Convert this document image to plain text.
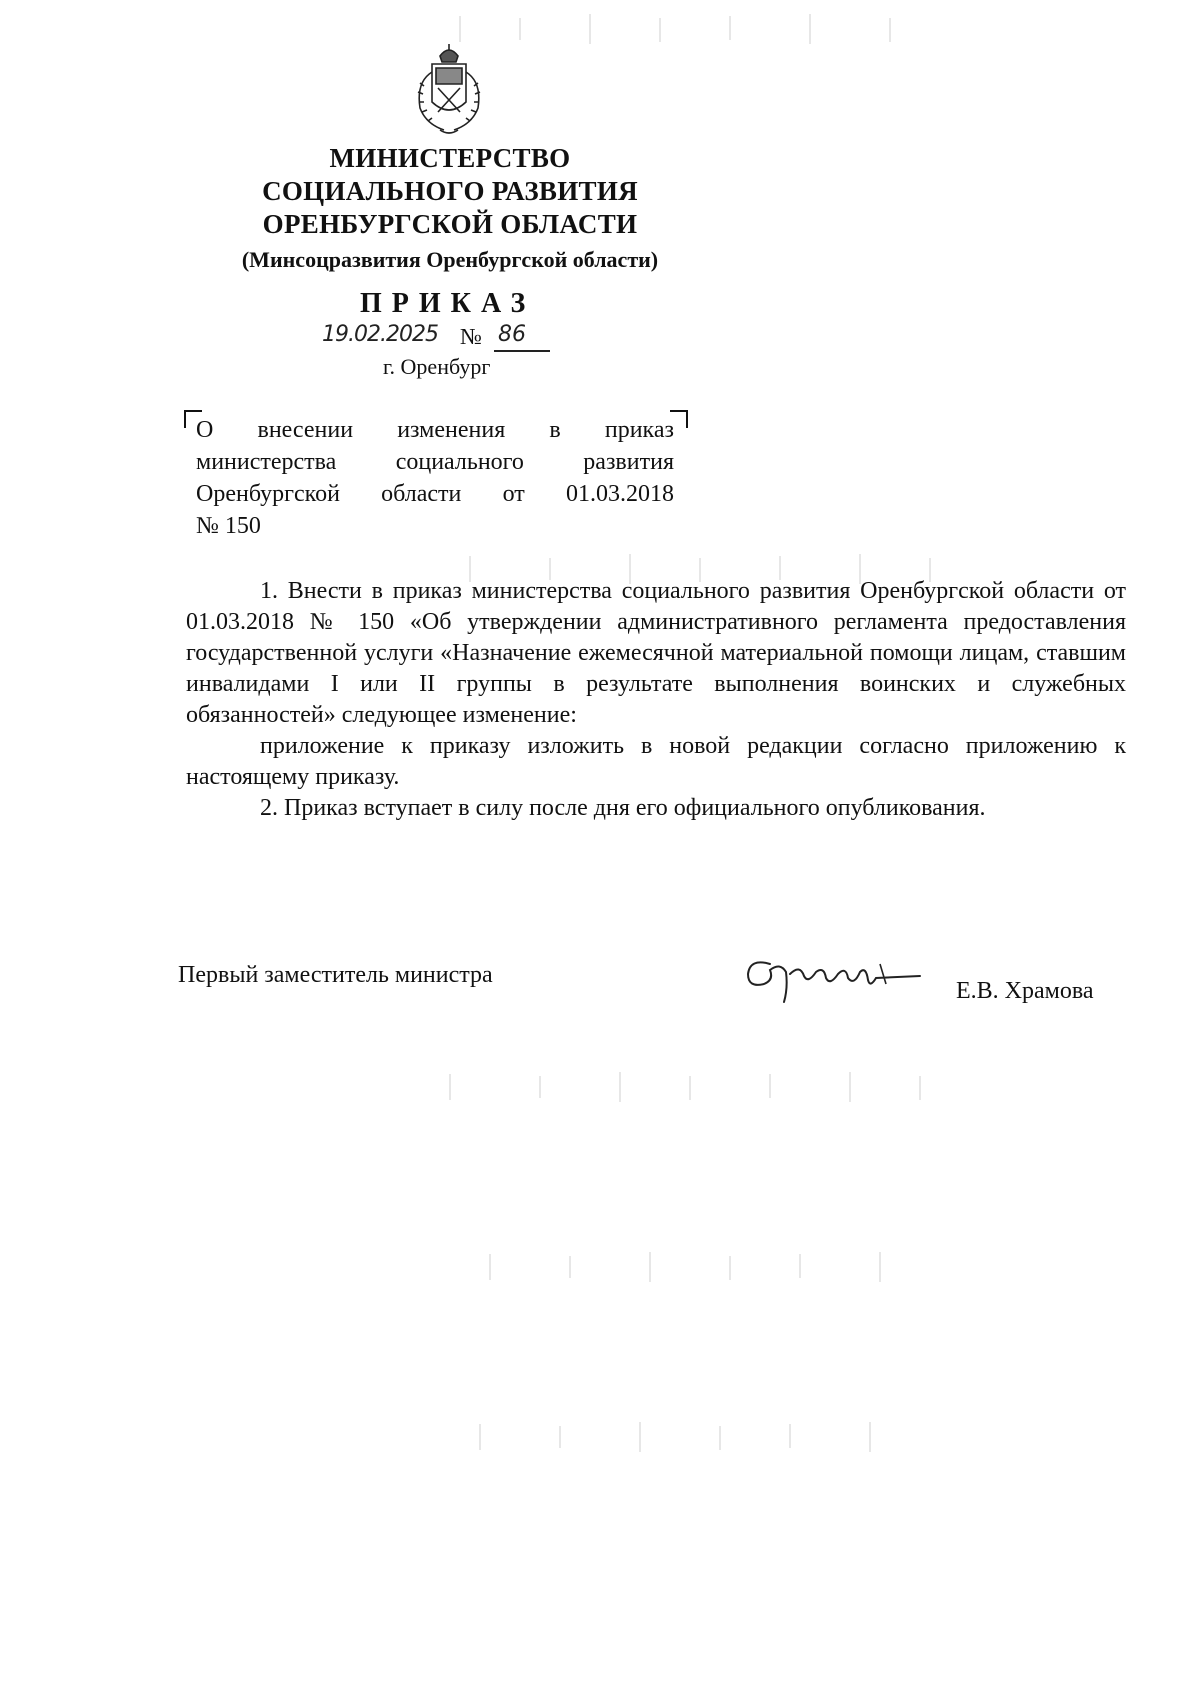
МИНИСТЕРСТВО
СОЦИАЛЬНОГО РАЗВИТИЯ
ОРЕНБУРГСКОЙ ОБЛАСТИ
(Минсоцразвития Оренбургской области)
ПРИКАЗ
19.02.2025 № 86
г. Оренбург
О внесении изменения в приказ
министерства социального развития
Оренбургской области от 01.03.2018
№ 150
1. Внести в приказ министерства социального развития Оренбургской области от 01.03.2018 № 150 «Об утверждении административного регламента предоставления государственной услуги «Назначение ежемесячной материальной помощи лицам, ставшим инвалидами I или II группы в результате выполнения воинских и служебных обязанностей» следующее изменение:
приложение к приказу изложить в новой редакции согласно приложению к настоящему приказу.
2. Приказ вступает в силу после дня его официального опубликования.
Первый заместитель министра
Е.В. Храмова
